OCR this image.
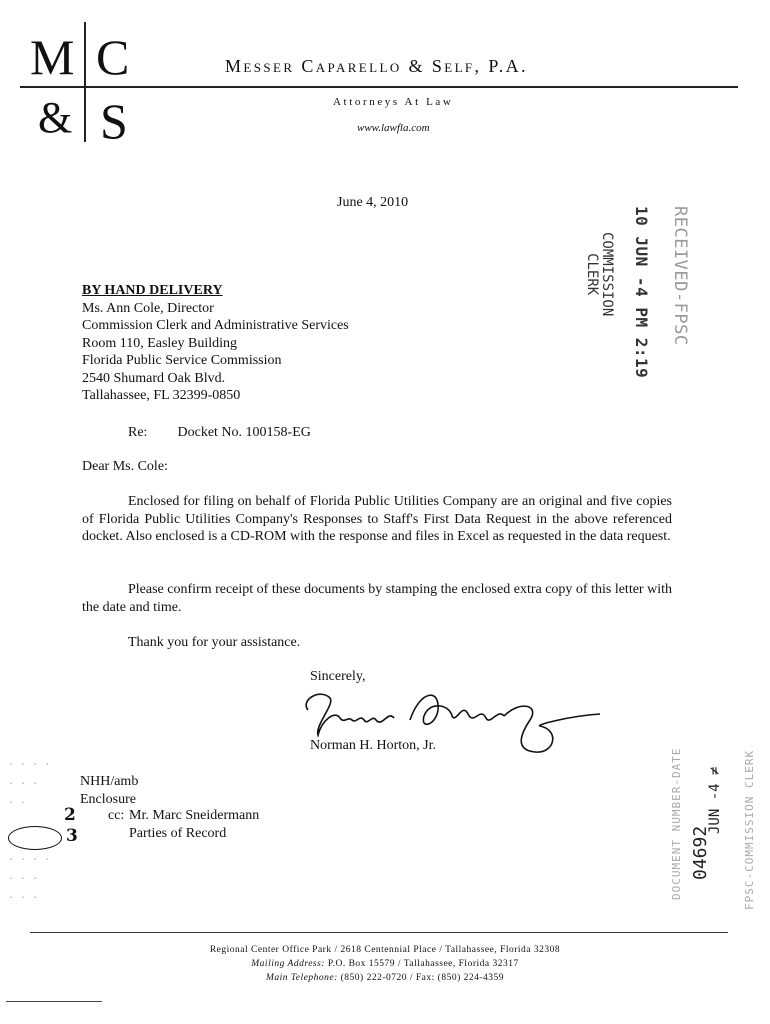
M C
& S
Messer Caparello & Self, P.A.
Attorneys At Law
www.lawfla.com
RECEIVED-FPSC
10 JUN -4 PM 2:19
COMMISSION
CLERK
June 4, 2010
BY HAND DELIVERY
Ms. Ann Cole, Director
Commission Clerk and Administrative Services
Room 110, Easley Building
Florida Public Service Commission
2540 Shumard Oak Blvd.
Tallahassee, FL 32399-0850
Re: Docket No. 100158-EG
Dear Ms. Cole:
Enclosed for filing on behalf of Florida Public Utilities Company are an original and five copies of Florida Public Utilities Company's Responses to Staff's First Data Request in the above referenced docket. Also enclosed is a CD-ROM with the response and files in Excel as requested in the data request.
Please confirm receipt of these documents by stamping the enclosed extra copy of this letter with the date and time.
Thank you for your assistance.
Sincerely,
Norman H. Horton, Jr.
NHH/amb
Enclosure
cc: Mr. Marc Sneidermann
Parties of Record
2
3
. . . .
. . .
. .

. . . .
. . .
. . .
04692
JUN -4 ≠ FPSC-COMMISSION CLERK
DOCUMENT NUMBER-DATE
Regional Center Office Park / 2618 Centennial Place / Tallahassee, Florida 32308
Mailing Address: P.O. Box 15579 / Tallahassee, Florida 32317
Main Telephone: (850) 222-0720 / Fax: (850) 224-4359
